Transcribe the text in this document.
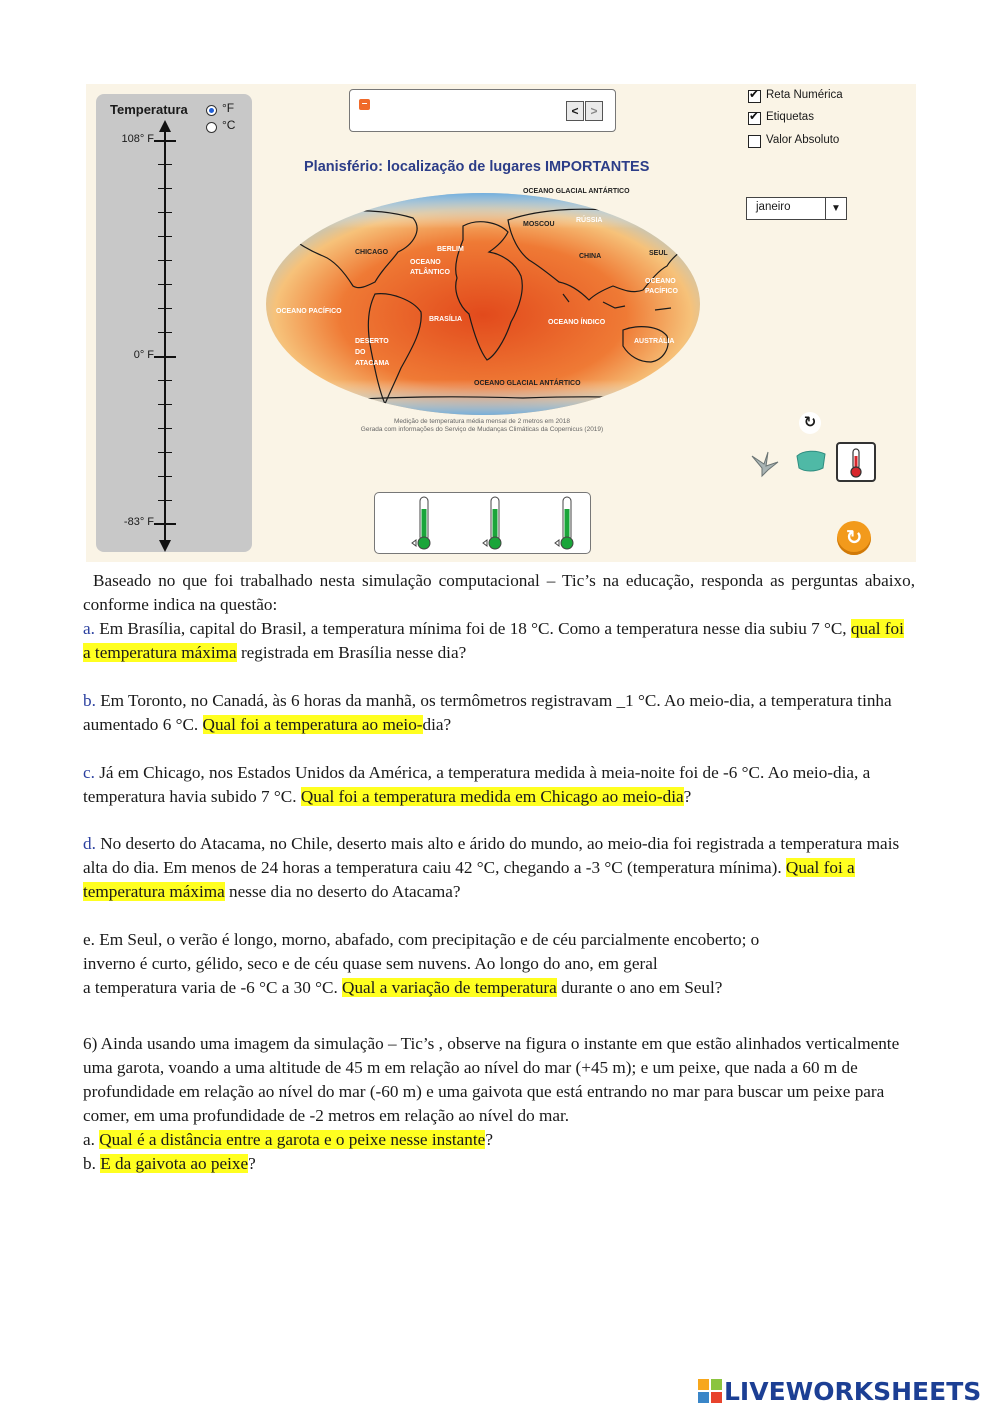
Temperatura	°F
°C
108° F
0° F
-83° F
–
< >
Planisfério: localização de lugares IMPORTANTES
OCEANO GLACIAL ANTÁRTICO
MOSCOU
RÚSSIA
BERLIM
CHICAGO
OCEANO ATLÂNTICO
CHINA	SEUL
OCEANO PACÍFICO
OCEANO PACÍFICO
BRASÍLIA	OCEANO ÍNDICO
DESERTO DO ATACAMA
AUSTRÁLIA
OCEANO GLACIAL ANTÁRTICO
Medição de temperatura média mensal de 2 metros em 2018
Gerada com informações do Serviço de Mudanças Climáticas da Copernicus (2019)
✔
Reta Numérica
✔
Etiquetas
Valor Absoluto
janeiro	▼
↻
↻
Baseado no que foi trabalhado nesta simulação computacional – Tic’s na educação, responda as perguntas abaixo, conforme indica na questão:
a. Em Brasília, capital do Brasil, a temperatura mínima foi de 18 °C. Como a temperatura nesse dia subiu 7 °C, qual foi a temperatura máxima registrada em Brasília nesse dia?
b. Em Toronto, no Canadá, às 6 horas da manhã, os termômetros registravam _1 °C. Ao meio-dia, a temperatura tinha aumentado 6 °C. Qual foi a temperatura ao meio-dia?
c. Já em Chicago, nos Estados Unidos da América, a temperatura medida à meia-noite foi de -6 °C. Ao meio-dia, a temperatura havia subido 7 °C. Qual foi a temperatura medida em Chicago ao meio-dia?
d. No deserto do Atacama, no Chile, deserto mais alto e árido do mundo, ao meio-dia foi registrada a temperatura mais alta do dia. Em menos de 24 horas a temperatura caiu 42 °C, chegando a -3 °C (temperatura mínima). Qual foi a temperatura máxima nesse dia no deserto do Atacama?
e. Em Seul, o verão é longo, morno, abafado, com precipitação e de céu parcialmente encoberto; o
inverno é curto, gélido, seco e de céu quase sem nuvens. Ao longo do ano, em geral
a temperatura varia de -6 °C a 30 °C. Qual a variação de temperatura durante o ano em Seul?
6) Ainda usando uma imagem da simulação – Tic’s , observe na figura o instante em que estão alinhados verticalmente uma garota, voando a uma altitude de 45 m em relação ao nível do mar (+45 m); e um peixe, que nada a 60 m de profundidade em relação ao nível do mar (-60 m) e uma gaivota que está entrando no mar para buscar um peixe para comer, em uma profundidade de -2 metros em relação ao nível do mar.
a. Qual é a distância entre a garota e o peixe nesse instante?
b. E da gaivota ao peixe?
LIVEWORKSHEETS
